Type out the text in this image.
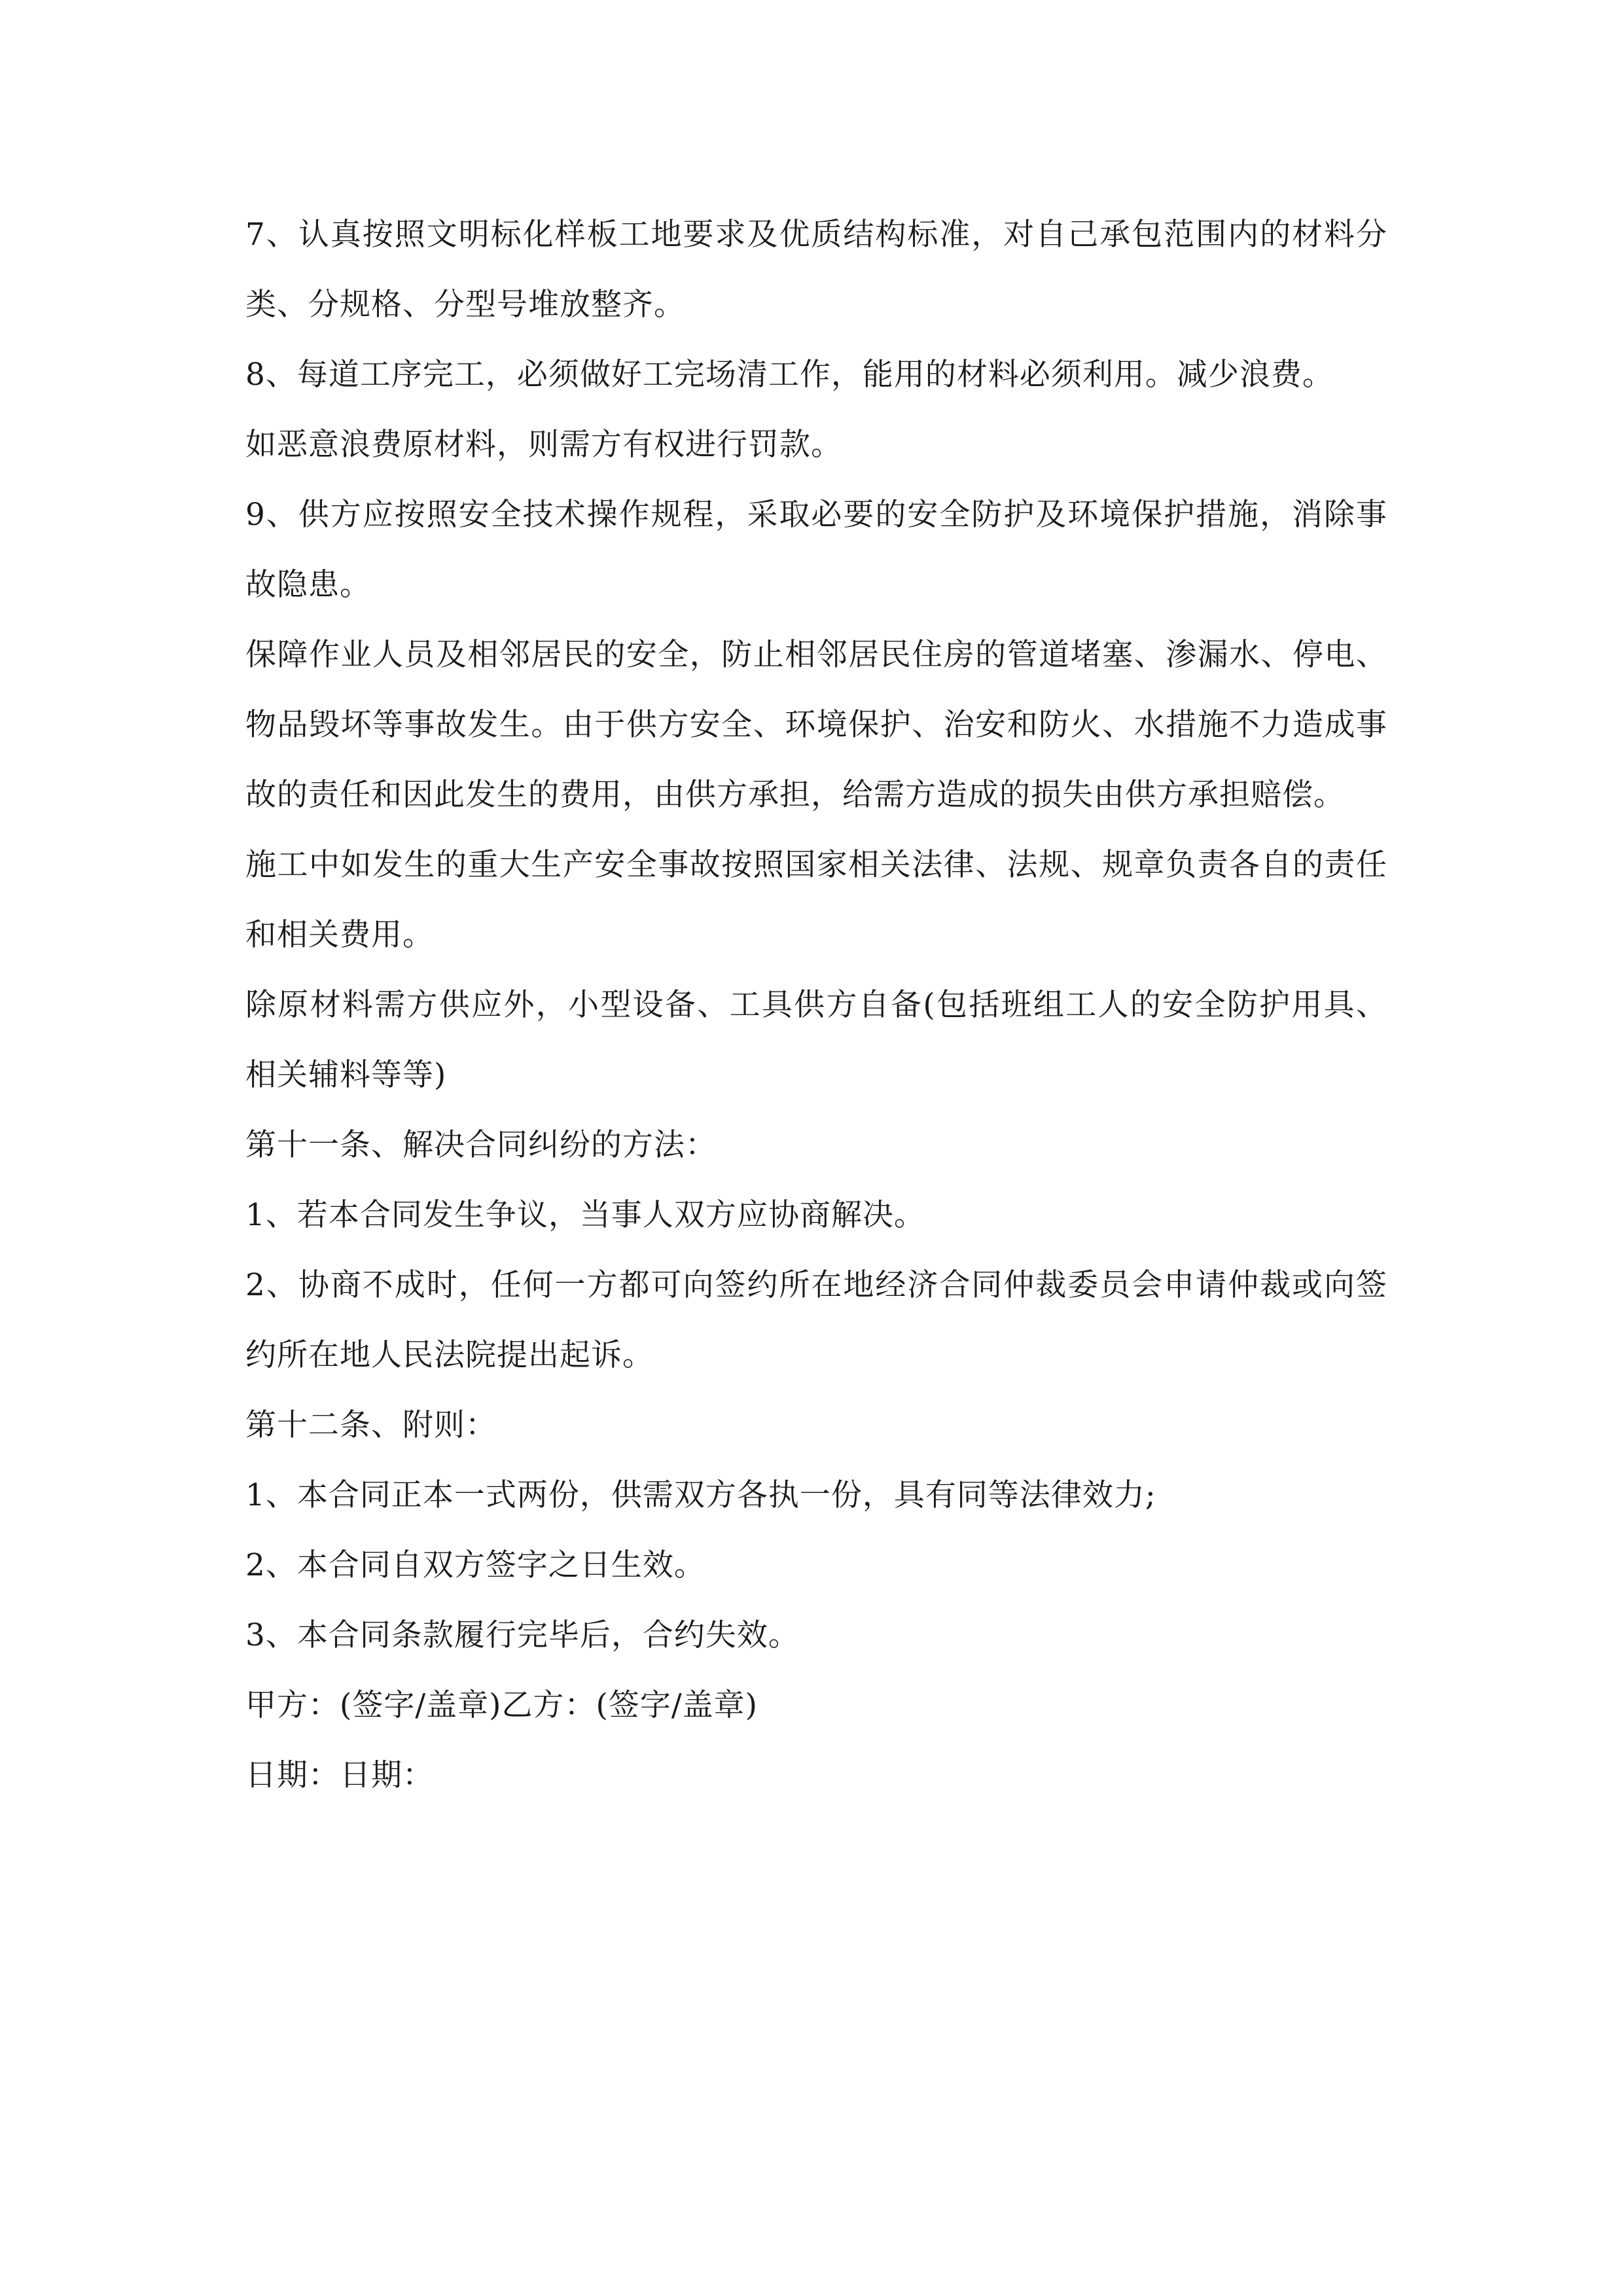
7、认真按照文明标化样板工地要求及优质结构标准，对自己承包范围内的材料分类、分规格、分型号堆放整齐。

8、每道工序完工，必须做好工完场清工作，能用的材料必须利用。减少浪费。

如恶意浪费原材料，则需方有权进行罚款。

9、供方应按照安全技术操作规程，采取必要的安全防护及环境保护措施，消除事故隐患。

保障作业人员及相邻居民的安全，防止相邻居民住房的管道堵塞、渗漏水、停电、物品毁坏等事故发生。由于供方安全、环境保护、治安和防火、水措施不力造成事故的责任和因此发生的费用，由供方承担，给需方造成的损失由供方承担赔偿。

施工中如发生的重大生产安全事故按照国家相关法律、法规、规章负责各自的责任和相关费用。

除原材料需方供应外，小型设备、工具供方自备(包括班组工人的安全防护用具、相关辅料等等)

第十一条、解决合同纠纷的方法：

1、若本合同发生争议，当事人双方应协商解决。

2、协商不成时，任何一方都可向签约所在地经济合同仲裁委员会申请仲裁或向签约所在地人民法院提出起诉。

第十二条、附则：

1、本合同正本一式两份，供需双方各执一份，具有同等法律效力;

2、本合同自双方签字之日生效。

3、本合同条款履行完毕后，合约失效。

甲方：(签字/盖章)乙方：(签字/盖章)

日期：日期：
